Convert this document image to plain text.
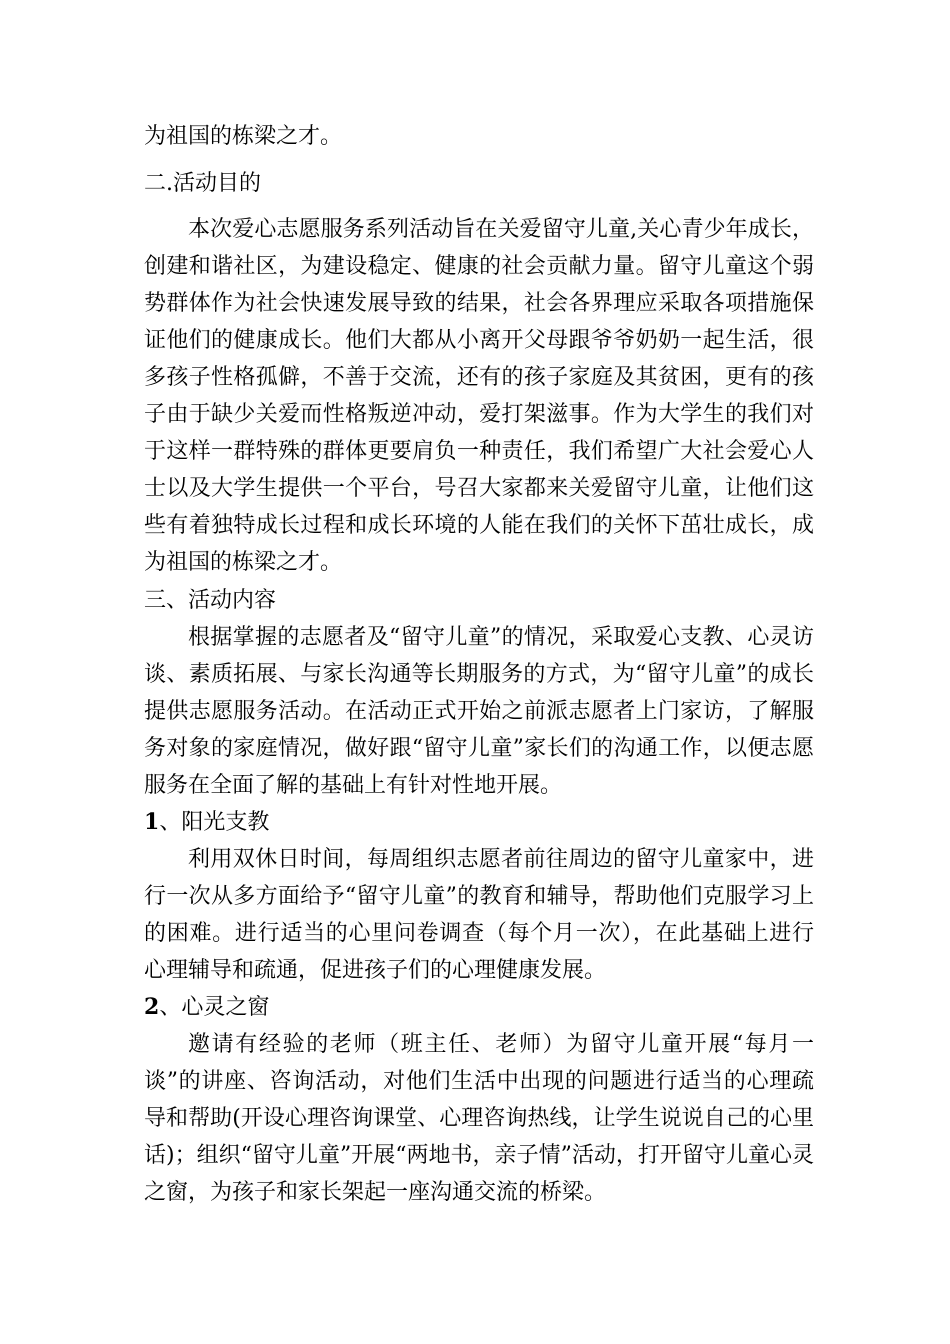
为祖国的栋梁之才。

二.活动目的

本次爱心志愿服务系列活动旨在关爱留守儿童,关心青少年成长，创建和谐社区，为建设稳定、健康的社会贡献力量。留守儿童这个弱势群体作为社会快速发展导致的结果，社会各界理应采取各项措施保证他们的健康成长。他们大都从小离开父母跟爷爷奶奶一起生活，很多孩子性格孤僻，不善于交流，还有的孩子家庭及其贫困，更有的孩子由于缺少关爱而性格叛逆冲动，爱打架滋事。作为大学生的我们对于这样一群特殊的群体更要肩负一种责任，我们希望广大社会爱心人士以及大学生提供一个平台，号召大家都来关爱留守儿童，让他们这些有着独特成长过程和成长环境的人能在我们的关怀下茁壮成长，成为祖国的栋梁之才。

三、活动内容

根据掌握的志愿者及“留守儿童”的情况，采取爱心支教、心灵访谈、素质拓展、与家长沟通等长期服务的方式，为“留守儿童”的成长提供志愿服务活动。在活动正式开始之前派志愿者上门家访，了解服务对象的家庭情况，做好跟“留守儿童”家长们的沟通工作，以便志愿服务在全面了解的基础上有针对性地开展。

1、阳光支教

利用双休日时间，每周组织志愿者前往周边的留守儿童家中，进行一次从多方面给予“留守儿童”的教育和辅导，帮助他们克服学习上的困难。进行适当的心里问卷调查（每个月一次），在此基础上进行心理辅导和疏通，促进孩子们的心理健康发展。

2、心灵之窗

邀请有经验的老师（班主任、老师）为留守儿童开展“每月一谈”的讲座、咨询活动，对他们生活中出现的问题进行适当的心理疏导和帮助(开设心理咨询课堂、心理咨询热线，让学生说说自己的心里话)；组织“留守儿童”开展“两地书，亲子情”活动，打开留守儿童心灵之窗，为孩子和家长架起一座沟通交流的桥梁。
